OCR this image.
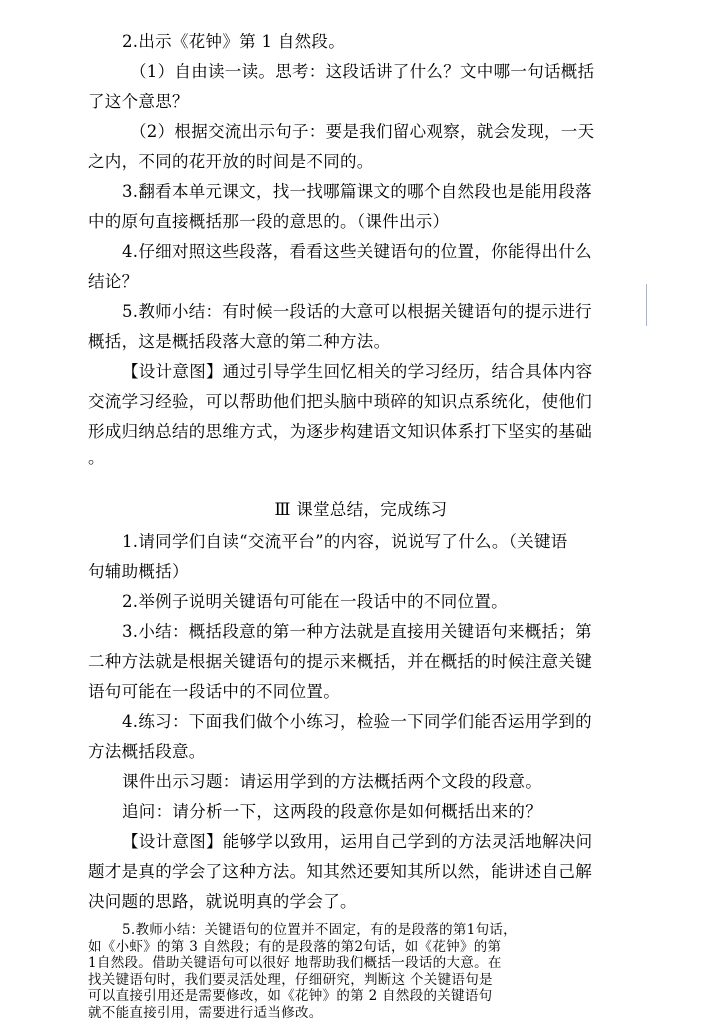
2.出示《花钟》第 1 自然段。
（1）自由读一读。思考：这段话讲了什么？文中哪一句话概括
了这个意思？
（2）根据交流出示句子：要是我们留心观察，就会发现，一天
之内，不同的花开放的时间是不同的。
3.翻看本单元课文，找一找哪篇课文的哪个自然段也是能用段落
中的原句直接概括那一段的意思的。（课件出示）
4.仔细对照这些段落，看看这些关键语句的位置，你能得出什么
结论？
5.教师小结：有时候一段话的大意可以根据关键语句的提示进行
概括，这是概括段落大意的第二种方法。
【设计意图】通过引导学生回忆相关的学习经历，结合具体内容
交流学习经验，可以帮助他们把头脑中琐碎的知识点系统化，使他们
形成归纳总结的思维方式，为逐步构建语文知识体系打下坚实的基础
。
Ⅲ 课堂总结，完成练习
1.请同学们自读“交流平台”的内容，说说写了什么。（关键语
句辅助概括）
2.举例子说明关键语句可能在一段话中的不同位置。
3.小结：概括段意的第一种方法就是直接用关键语句来概括；第
二种方法就是根据关键语句的提示来概括，并在概括的时候注意关键
语句可能在一段话中的不同位置。
4.练习：下面我们做个小练习，检验一下同学们能否运用学到的
方法概括段意。
课件出示习题：请运用学到的方法概括两个文段的段意。
追问：请分析一下，这两段的段意你是如何概括出来的？
【设计意图】能够学以致用，运用自己学到的方法灵活地解决问
题才是真的学会了这种方法。知其然还要知其所以然，能讲述自己解
决问题的思路，就说明真的学会了。
5.教师小结：关键语句的位置并不固定，有的是段落的第1句话，
如《小虾》的第 3 自然段；有的是段落的第2句话，如《花钟》的第
1自然段。借助关键语句可以很好 地帮助我们概括一段话的大意。在
找关键语句时，我们要灵活处理，仔细研究，判断这 个关键语句是
可以直接引用还是需要修改，如《花钟》的第 2 自然段的关键语句
就不能直接引用，需要进行适当修改。
